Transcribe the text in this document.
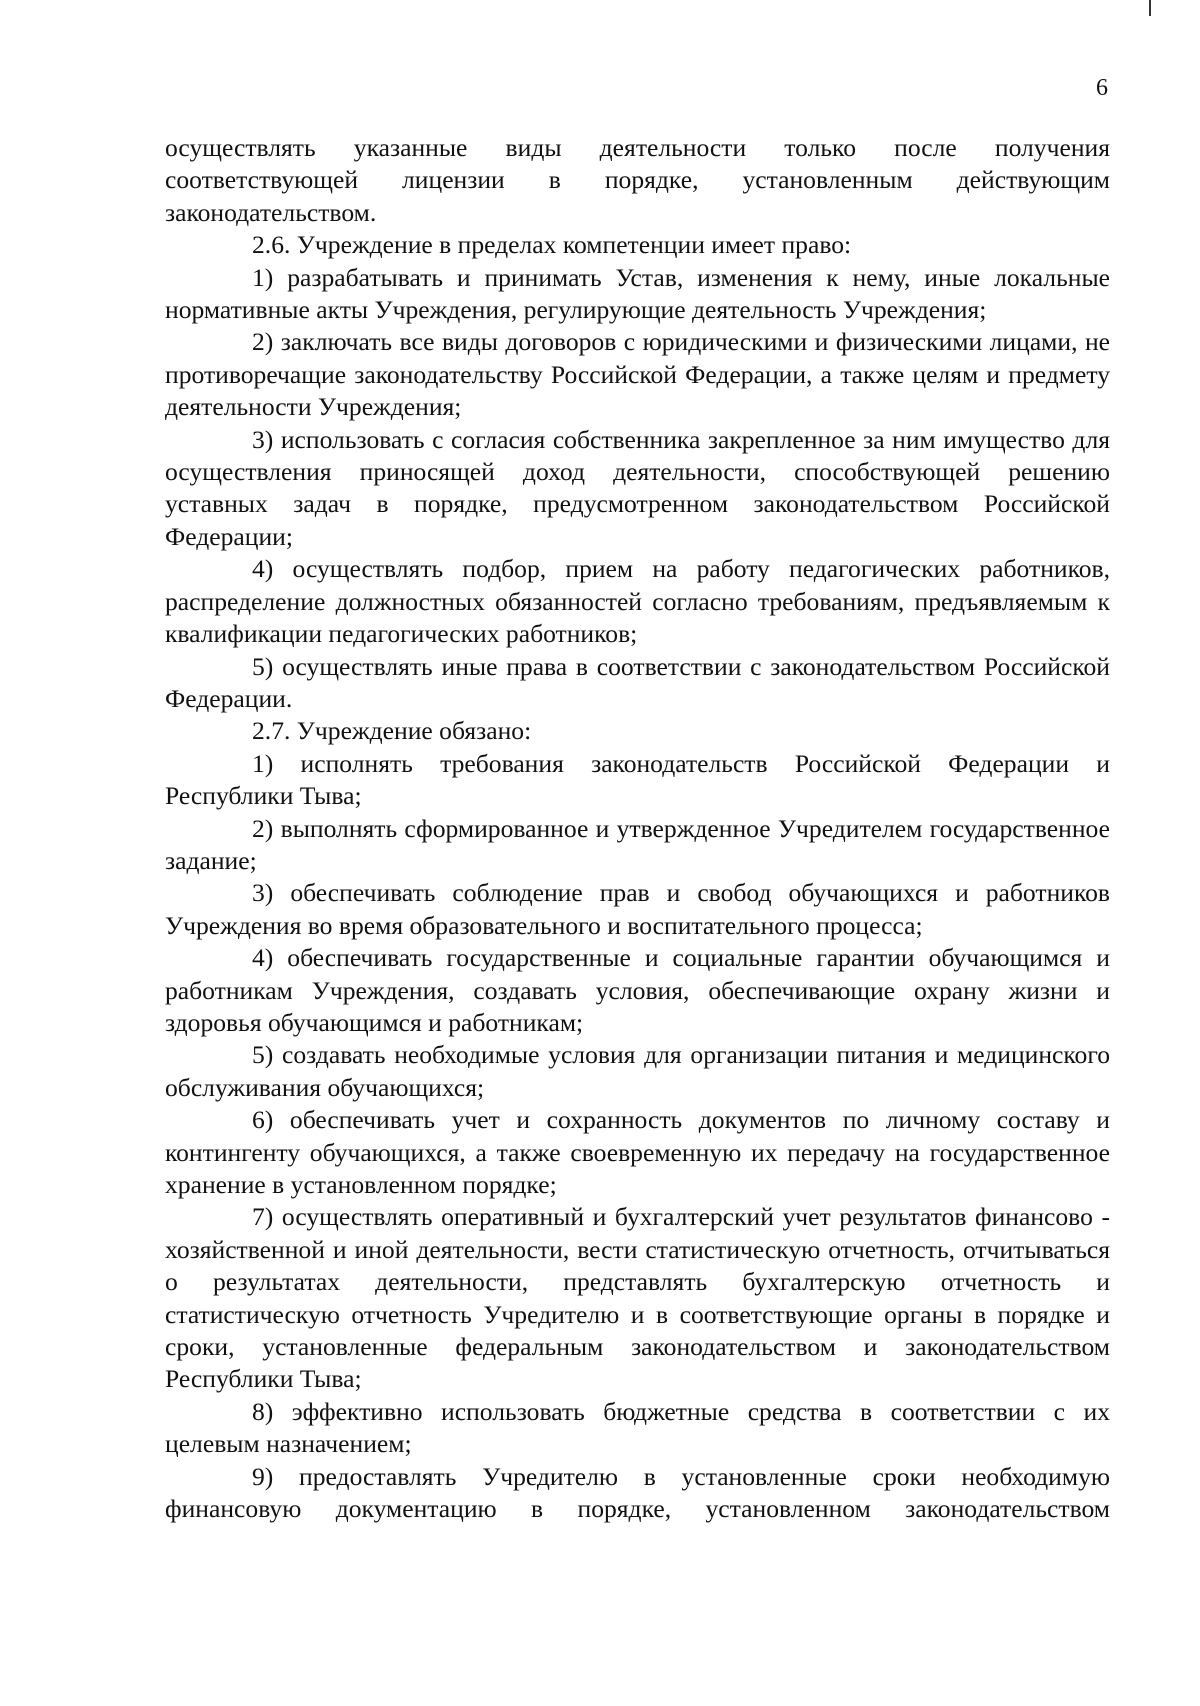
6

осуществлять указанные виды деятельности только после получения соответствующей лицензии в порядке, установленным действующим законодательством.

2.6. Учреждение в пределах компетенции имеет право:

1) разрабатывать и принимать Устав, изменения к нему, иные локальные нормативные акты Учреждения, регулирующие деятельность Учреждения;

2) заключать все виды договоров с юридическими и физическими лицами, не противоречащие законодательству Российской Федерации, а также целям и предмету деятельности Учреждения;

3) использовать с согласия собственника закрепленное за ним имущество для осуществления приносящей доход деятельности, способствующей решению уставных задач в порядке, предусмотренном законодательством Российской Федерации;

4) осуществлять подбор, прием на работу педагогических работников, распределение должностных обязанностей согласно требованиям, предъявляемым к квалификации педагогических работников;

5) осуществлять иные права в соответствии с законодательством Российской Федерации.

2.7. Учреждение обязано:

1) исполнять требования законодательств Российской Федерации и Республики Тыва;

2) выполнять сформированное и утвержденное Учредителем государственное задание;

3) обеспечивать соблюдение прав и свобод обучающихся и работников Учреждения во время образовательного и воспитательного процесса;

4) обеспечивать государственные и социальные гарантии обучающимся и работникам Учреждения, создавать условия, обеспечивающие охрану жизни и здоровья обучающимся и работникам;

5) создавать необходимые условия для организации питания и медицинского обслуживания обучающихся;

6) обеспечивать учет и сохранность документов по личному составу и контингенту обучающихся, а также своевременную их передачу на государственное хранение в установленном порядке;

7) осуществлять оперативный и бухгалтерский учет результатов финансово - хозяйственной и иной деятельности, вести статистическую отчетность, отчитываться о результатах деятельности, представлять бухгалтерскую отчетность и статистическую отчетность Учредителю и в соответствующие органы в порядке и сроки, установленные федеральным законодательством и законодательством Республики Тыва;

8) эффективно использовать бюджетные средства в соответствии с их целевым назначением;

9) предоставлять Учредителю в установленные сроки необходимую финансовую документацию в порядке, установленном законодательством
